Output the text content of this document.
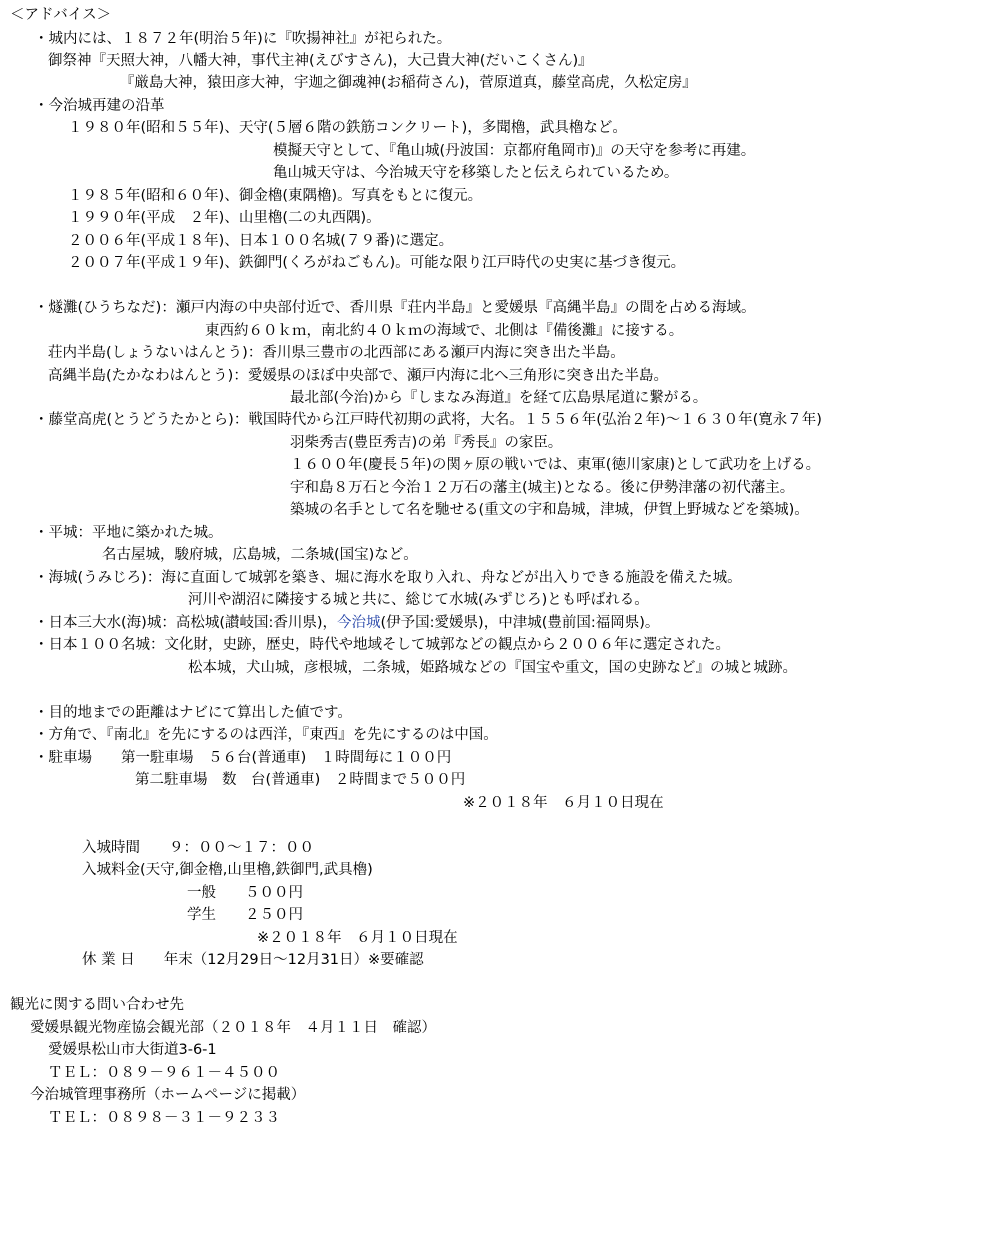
＜アドバイス＞
・城内には、１８７２年(明治５年)に『吹揚神社』が祀られた。
御祭神『天照大神，八幡大神，事代主神(えびすさん)，大己貴大神(だいこくさん)』
『厳島大神，猿田彦大神，宇迦之御魂神(お稲荷さん)，菅原道真，藤堂高虎，久松定房』
・今治城再建の沿革
１９８０年(昭和５５年)、天守(５層６階の鉄筋コンクリート)，多聞櫓，武具櫓など。
模擬天守として、『亀山城(丹波国：京都府亀岡市)』の天守を参考に再建。
亀山城天守は、今治城天守を移築したと伝えられているため。
１９８５年(昭和６０年)、御金櫓(東隅櫓)。写真をもとに復元。
１９９０年(平成　２年)、山里櫓(二の丸西隅)。
２００６年(平成１８年)、日本１００名城(７９番)に選定。
２００７年(平成１９年)、鉄御門(くろがねごもん)。可能な限り江戸時代の史実に基づき復元。
・燧灘(ひうちなだ)：瀬戸内海の中央部付近で、香川県『荘内半島』と愛媛県『高縄半島』の間を占める海域。
東西約６０ｋｍ，南北約４０ｋｍの海域で、北側は『備後灘』に接する。
荘内半島(しょうないはんとう)：香川県三豊市の北西部にある瀬戸内海に突き出た半島。
高縄半島(たかなわはんとう)：愛媛県のほぼ中央部で、瀬戸内海に北へ三角形に突き出た半島。
最北部(今治)から『しまなみ海道』を経て広島県尾道に繋がる。
・藤堂高虎(とうどうたかとら)：戦国時代から江戸時代初期の武将，大名。１５５６年(弘治２年)～１６３０年(寛永７年)
羽柴秀吉(豊臣秀吉)の弟『秀長』の家臣。
１６００年(慶長５年)の関ヶ原の戦いでは、東軍(徳川家康)として武功を上げる。
宇和島８万石と今治１２万石の藩主(城主)となる。後に伊勢津藩の初代藩主。
築城の名手として名を馳せる(重文の宇和島城，津城，伊賀上野城などを築城)。
・平城：平地に築かれた城。
名古屋城，駿府城，広島城，二条城(国宝)など。
・海城(うみじろ)：海に直面して城郭を築き、堀に海水を取り入れ、舟などが出入りできる施設を備えた城。
河川や湖沼に隣接する城と共に、総じて水城(みずじろ)とも呼ばれる。
・日本三大水(海)城：高松城(讃岐国:香川県)，今治城(伊予国:愛媛県)，中津城(豊前国:福岡県)。
・日本１００名城：文化財，史跡，歴史，時代や地域そして城郭などの観点から２００６年に選定された。
松本城，犬山城，彦根城，二条城，姫路城などの『国宝や重文，国の史跡など』の城と城跡。
・目的地までの距離はナビにて算出した値です。
・方角で、『南北』を先にするのは西洋，『東西』を先にするのは中国。
・駐車場　　第一駐車場　５６台(普通車)　１時間毎に１００円
第二駐車場　数　台(普通車)　２時間まで５００円
※２０１８年　６月１０日現在
入城時間　　９：００～１７：００
入城料金(天守,御金櫓,山里櫓,鉄御門,武具櫓)
一般　　５００円
学生　　２５０円
※２０１８年　６月１０日現在
休 業 日　　年末（12月29日～12月31日）※要確認
観光に関する問い合わせ先
愛媛県観光物産協会観光部（２０１８年　４月１１日　確認）
愛媛県松山市大街道3-6-1
ＴＥＬ：０８９－９６１－４５００
今治城管理事務所（ホームページに掲載）
ＴＥＬ：０８９８－３１－９２３３
